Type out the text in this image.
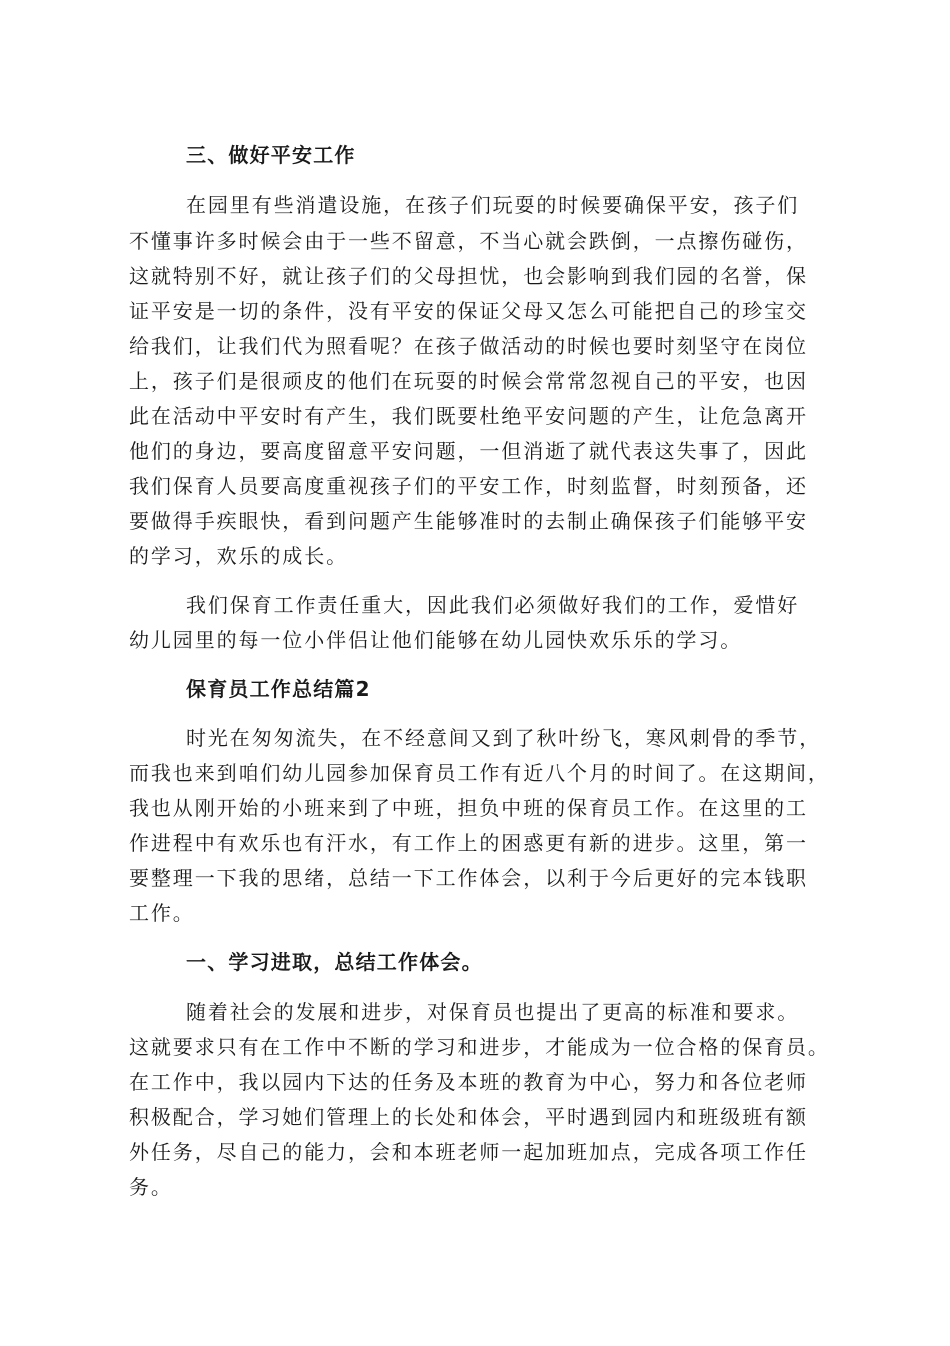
三、做好平安工作
在园里有些消遣设施，在孩子们玩耍的时候要确保平安，孩子们
不懂事许多时候会由于一些不留意，不当心就会跌倒，一点擦伤碰伤，
这就特别不好，就让孩子们的父母担忧，也会影响到我们园的名誉，保
证平安是一切的条件，没有平安的保证父母又怎么可能把自己的珍宝交
给我们，让我们代为照看呢？在孩子做活动的时候也要时刻坚守在岗位
上，孩子们是很顽皮的他们在玩耍的时候会常常忽视自己的平安，也因
此在活动中平安时有产生，我们既要杜绝平安问题的产生，让危急离开
他们的身边，要高度留意平安问题，一但消逝了就代表这失事了，因此
我们保育人员要高度重视孩子们的平安工作，时刻监督，时刻预备，还
要做得手疾眼快，看到问题产生能够准时的去制止确保孩子们能够平安
的学习，欢乐的成长。
我们保育工作责任重大，因此我们必须做好我们的工作，爱惜好
幼儿园里的每一位小伴侣让他们能够在幼儿园快欢乐乐的学习。
保育员工作总结篇2
时光在匆匆流失，在不经意间又到了秋叶纷飞，寒风刺骨的季节，
而我也来到咱们幼儿园参加保育员工作有近八个月的时间了。在这期间，
我也从刚开始的小班来到了中班，担负中班的保育员工作。在这里的工
作进程中有欢乐也有汗水，有工作上的困惑更有新的进步。这里，第一
要整理一下我的思绪，总结一下工作体会，以利于今后更好的完本钱职
工作。
一、学习进取，总结工作体会。
随着社会的发展和进步，对保育员也提出了更高的标准和要求。
这就要求只有在工作中不断的学习和进步，才能成为一位合格的保育员。
在工作中，我以园内下达的任务及本班的教育为中心，努力和各位老师
积极配合，学习她们管理上的长处和体会，平时遇到园内和班级班有额
外任务，尽自己的能力，会和本班老师一起加班加点，完成各项工作任
务。
